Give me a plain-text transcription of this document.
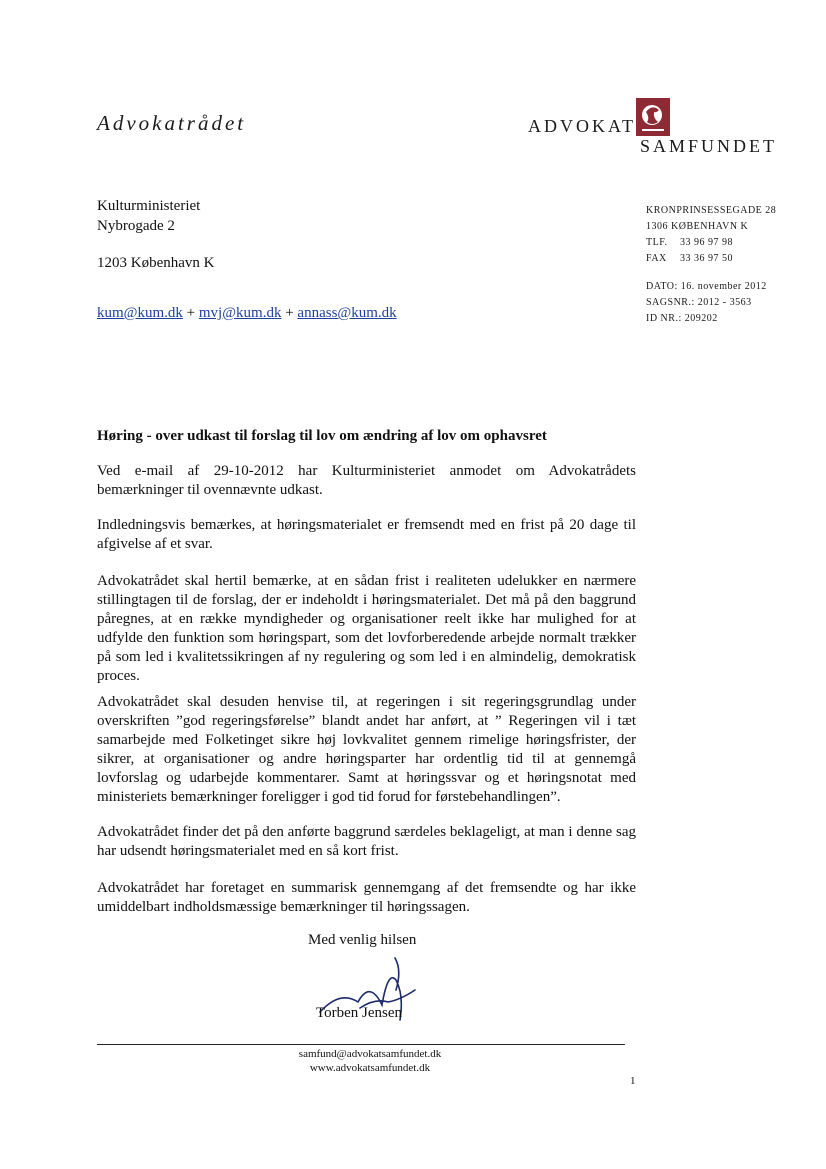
Advokatrådet	ADVOKAT
SAMFUNDET
Kulturministeriet
Nybrogade 2
1203 København K
kum@kum.dk + mvj@kum.dk + annass@kum.dk
KRONPRINSESSEGADE 28
1306 KØBENHAVN K
TLF. 33 96 97 98
FAX 33 36 97 50
DATO: 16. november 2012
SAGSNR.: 2012 - 3563
ID NR.: 209202
Høring - over udkast til forslag til lov om ændring af lov om ophavsret
Ved e-mail af 29-10-2012 har Kulturministeriet anmodet om Advokatrådets bemærkninger til ovennævnte udkast.
Indledningsvis bemærkes, at høringsmaterialet er fremsendt med en frist på 20 dage til afgivelse af et svar.
Advokatrådet skal hertil bemærke, at en sådan frist i realiteten udelukker en nærmere stillingtagen til de forslag, der er indeholdt i høringsmaterialet. Det må på den baggrund påregnes, at en række myndigheder og organisationer reelt ikke har mulighed for at udfylde den funktion som høringspart, som det lovforberedende arbejde normalt trækker på som led i kvalitetssikringen af ny regulering og som led i en almindelig, demokratisk proces.
Advokatrådet skal desuden henvise til, at regeringen i sit regeringsgrundlag under overskriften ”god regeringsførelse” blandt andet har anført, at ” Regeringen vil i tæt samarbejde med Folketinget sikre høj lovkvalitet gennem rimelige høringsfrister, der sikrer, at organisationer og andre høringsparter har ordentlig tid til at gennemgå lovforslag og udarbejde kommentarer. Samt at høringssvar og et høringsnotat med ministeriets bemærkninger foreligger i god tid forud for førstebehandlingen”.
Advokatrådet finder det på den anførte baggrund særdeles beklageligt, at man i denne sag har udsendt høringsmaterialet med en så kort frist.
Advokatrådet har foretaget en summarisk gennemgang af det fremsendte og har ikke umiddelbart indholdsmæssige bemærkninger til høringssagen.
Med venlig hilsen
Torben Jensen
samfund@advokatsamfundet.dk
www.advokatsamfundet.dk
1
